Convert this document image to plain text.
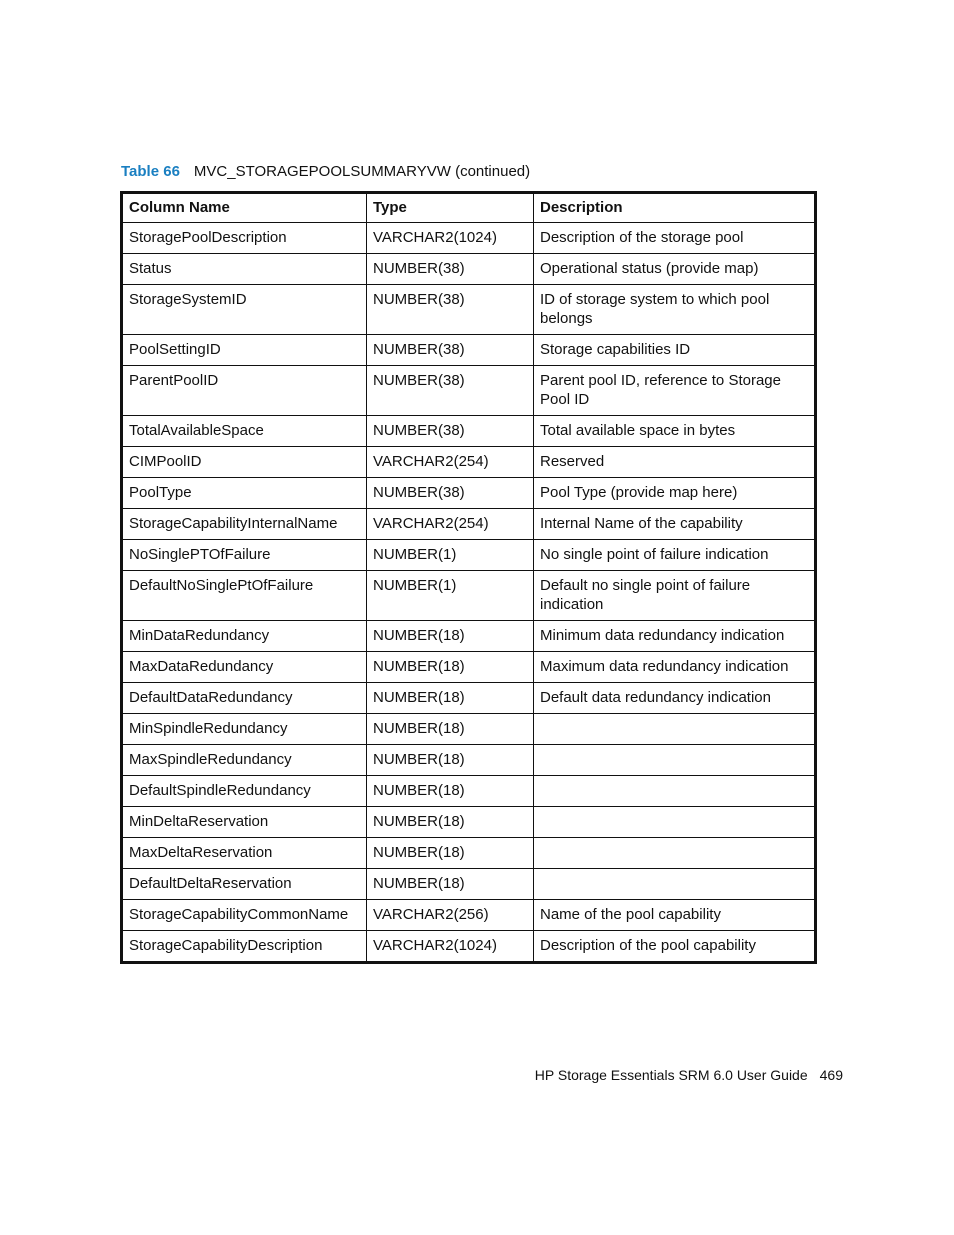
Table 66 MVC_STORAGEPOOLSUMMARYVW (continued)
Column Name	Type	Description
StoragePoolDescription	VARCHAR2(1024)	Description of the storage pool
Status	NUMBER(38)	Operational status (provide map)
StorageSystemID	NUMBER(38)	ID of storage system to which pool belongs
PoolSettingID	NUMBER(38)	Storage capabilities ID
ParentPoolID	NUMBER(38)	Parent pool ID, reference to Storage Pool ID
TotalAvailableSpace	NUMBER(38)	Total available space in bytes
CIMPoolID	VARCHAR2(254)	Reserved
PoolType	NUMBER(38)	Pool Type (provide map here)
StorageCapabilityInternalName	VARCHAR2(254)	Internal Name of the capability
NoSinglePTOfFailure	NUMBER(1)	No single point of failure indication
DefaultNoSinglePtOfFailure	NUMBER(1)	Default no single point of failure indication
MinDataRedundancy	NUMBER(18)	Minimum data redundancy indication
MaxDataRedundancy	NUMBER(18)	Maximum data redundancy indication
DefaultDataRedundancy	NUMBER(18)	Default data redundancy indication
MinSpindleRedundancy	NUMBER(18)	
MaxSpindleRedundancy	NUMBER(18)	
DefaultSpindleRedundancy	NUMBER(18)	
MinDeltaReservation	NUMBER(18)	
MaxDeltaReservation	NUMBER(18)	
DefaultDeltaReservation	NUMBER(18)	
StorageCapabilityCommonName	VARCHAR2(256)	Name of the pool capability
StorageCapabilityDescription	VARCHAR2(1024)	Description of the pool capability
HP Storage Essentials SRM 6.0 User Guide 469
